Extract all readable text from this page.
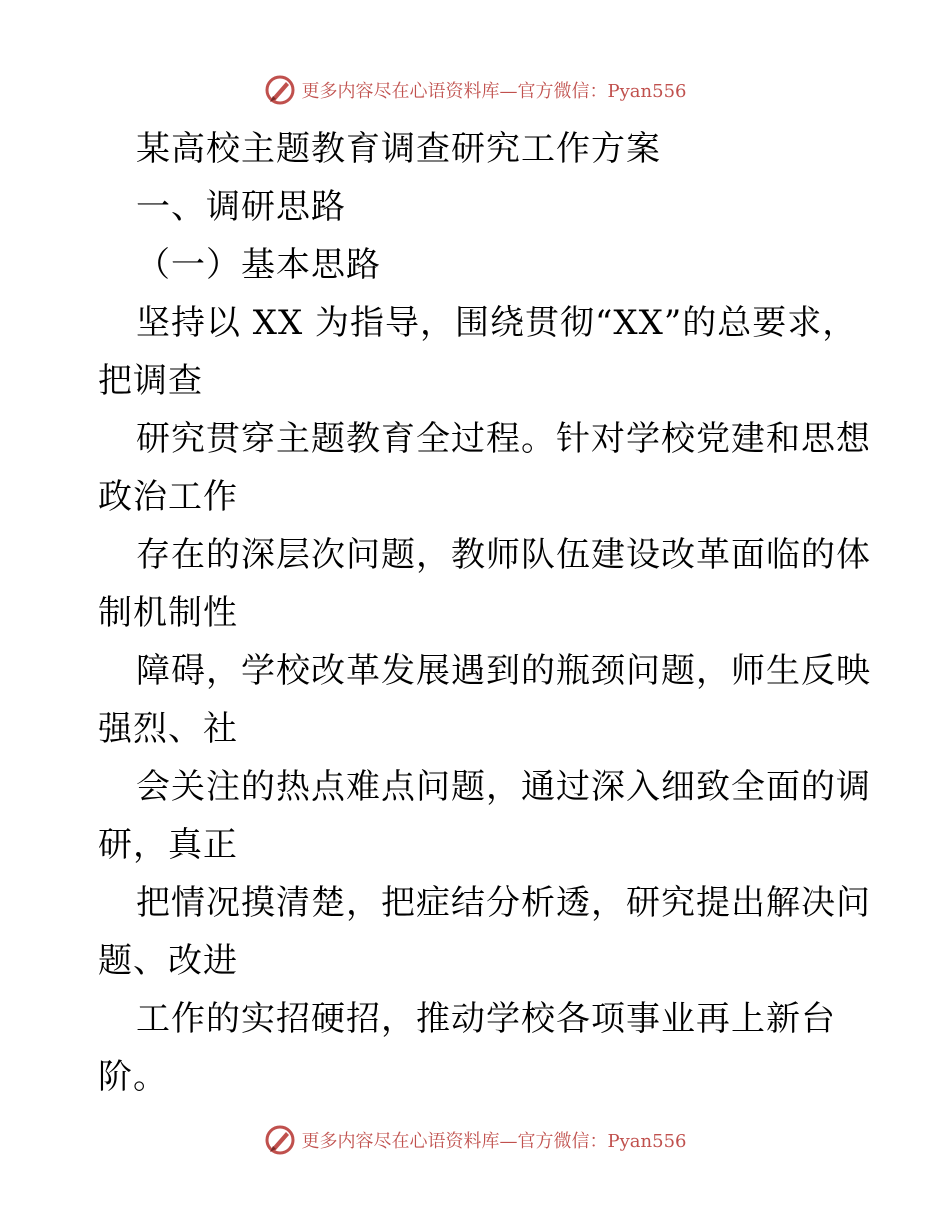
更多内容尽在心语资料库—官方微信：Pyan556
某高校主题教育调查研究工作方案
一、调研思路
（一）基本思路
坚持以 XX 为指导，围绕贯彻“XX”的总要求，
把调查
研究贯穿主题教育全过程。针对学校党建和思想
政治工作
存在的深层次问题，教师队伍建设改革面临的体
制机制性
障碍，学校改革发展遇到的瓶颈问题，师生反映
强烈、社
会关注的热点难点问题，通过深入细致全面的调
研，真正
把情况摸清楚，把症结分析透，研究提出解决问
题、改进
工作的实招硬招，推动学校各项事业再上新台
阶。
更多内容尽在心语资料库—官方微信：Pyan556
